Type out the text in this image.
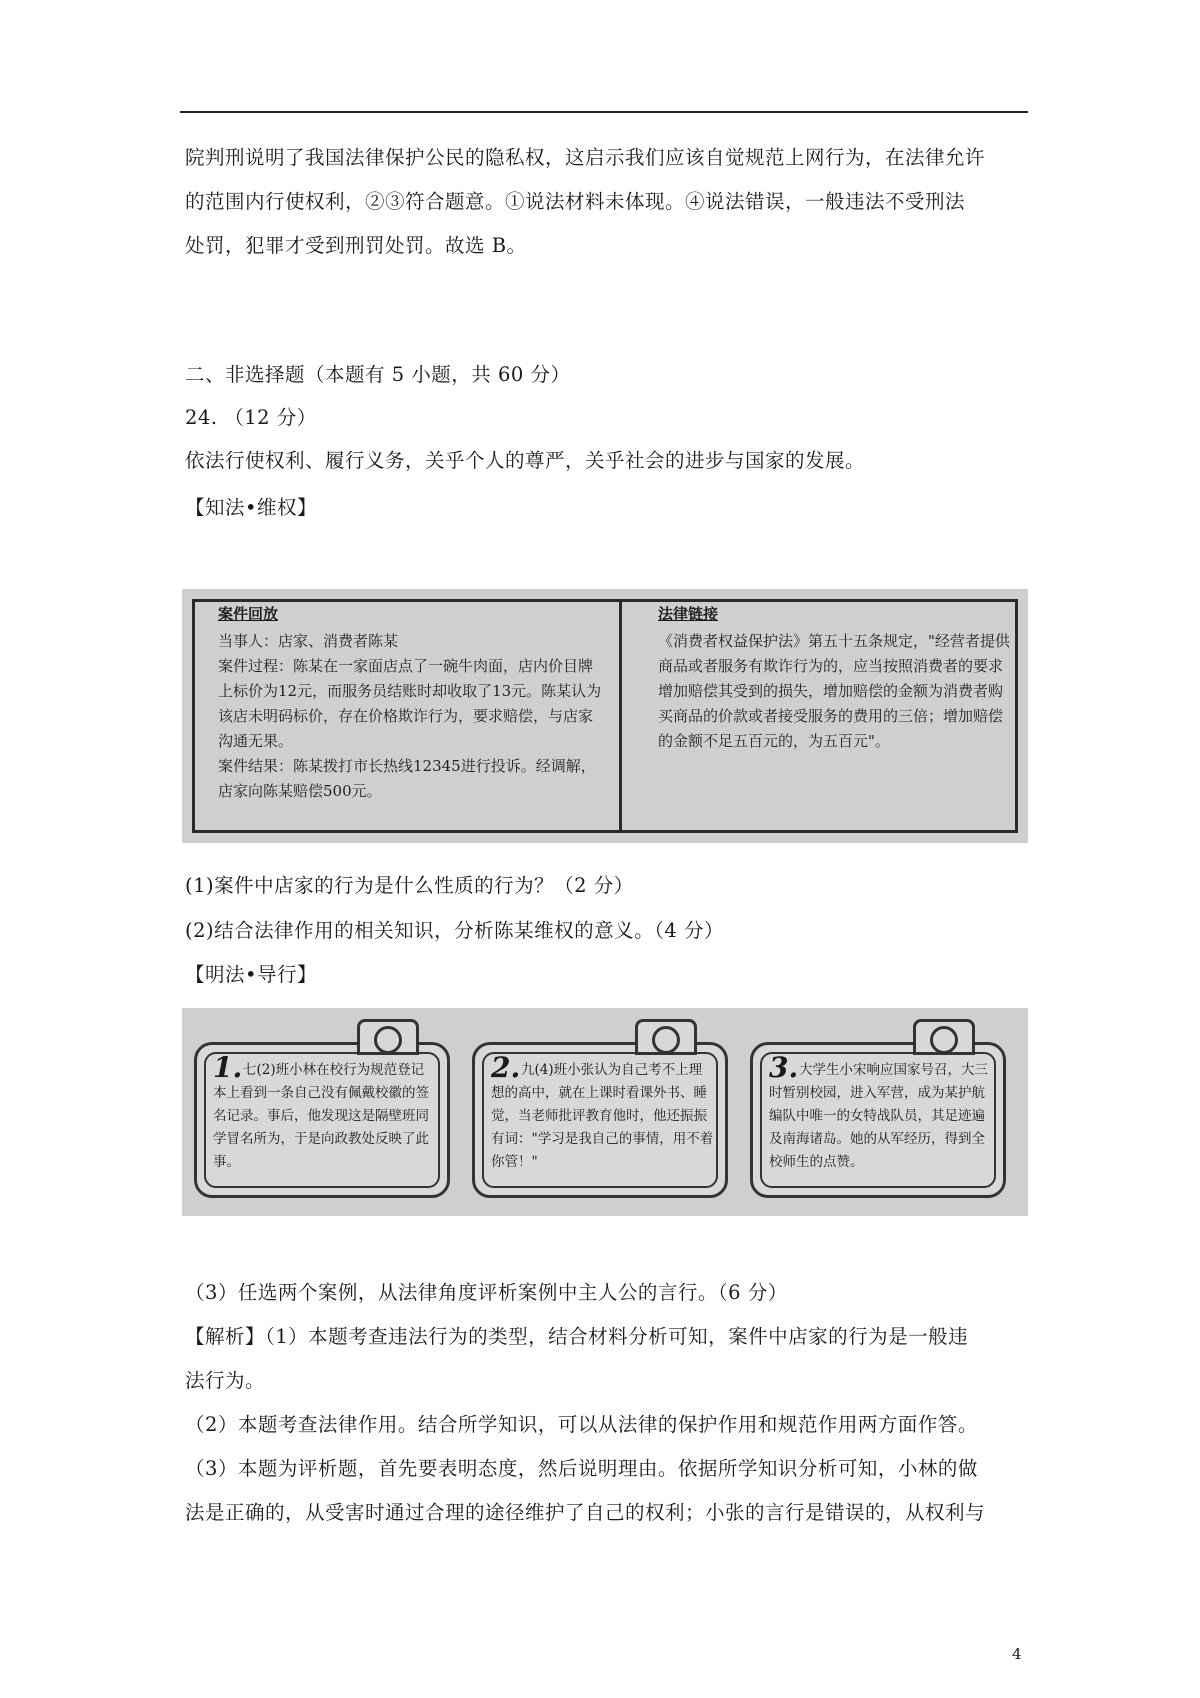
院判刑说明了我国法律保护公民的隐私权，这启示我们应该自觉规范上网行为，在法律允许
的范围内行使权利，②③符合题意。①说法材料未体现。④说法错误，一般违法不受刑法
处罚，犯罪才受到刑罚处罚。故选 B。
二、非选择题（本题有 5 小题，共 60 分）
24. （12 分）
依法行使权利、履行义务，关乎个人的尊严，关乎社会的进步与国家的发展。
【知法•维权】
案件回放
当事人：店家、消费者陈某
案件过程：陈某在一家面店点了一碗牛肉面，店内价目牌上标价为12元，而服务员结账时却收取了13元。陈某认为该店未明码标价，存在价格欺诈行为，要求赔偿，与店家沟通无果。
案件结果：陈某拨打市长热线12345进行投诉。经调解，店家向陈某赔偿500元。
法律链接
《消费者权益保护法》第五十五条规定，"经营者提供商品或者服务有欺诈行为的，应当按照消费者的要求增加赔偿其受到的损失，增加赔偿的金额为消费者购买商品的价款或者接受服务的费用的三倍；增加赔偿的金额不足五百元的，为五百元"。
(1)案件中店家的行为是什么性质的行为？（2 分）
(2)结合法律作用的相关知识，分析陈某维权的意义。（4 分）
【明法•导行】
1. 七(2)班小林在校行为规范登记本上看到一条自己没有佩戴校徽的签名记录。事后，他发现这是隔壁班同学冒名所为，于是向政教处反映了此事。
2. 九(4)班小张认为自己考不上理想的高中，就在上课时看课外书、睡觉，当老师批评教育他时，他还振振有词："学习是我自己的事情，用不着你管！"
3. 大学生小宋响应国家号召，大三时暂别校园，进入军营，成为某护航编队中唯一的女特战队员，其足迹遍及南海诸岛。她的从军经历，得到全校师生的点赞。
（3）任选两个案例，从法律角度评析案例中主人公的言行。（6 分）
【解析】（1）本题考查违法行为的类型，结合材料分析可知，案件中店家的行为是一般违
法行为。
（2）本题考查法律作用。结合所学知识，可以从法律的保护作用和规范作用两方面作答。
（3）本题为评析题，首先要表明态度，然后说明理由。依据所学知识分析可知，小林的做
法是正确的，从受害时通过合理的途径维护了自己的权利；小张的言行是错误的，从权利与
4
